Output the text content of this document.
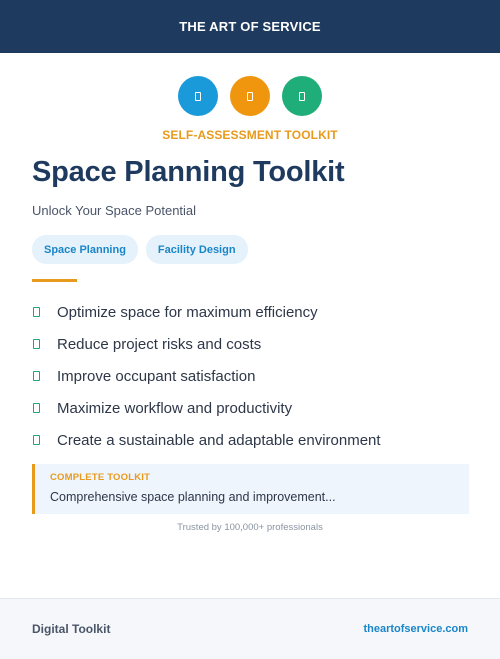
THE ART OF SERVICE
SELF-ASSESSMENT TOOLKIT
Space Planning Toolkit
Unlock Your Space Potential
Space Planning	Facility Design
Optimize space for maximum efficiency
Reduce project risks and costs
Improve occupant satisfaction
Maximize workflow and productivity
Create a sustainable and adaptable environment
COMPLETE TOOLKIT
Comprehensive space planning and improvement...
Trusted by 100,000+ professionals
Digital Toolkit	theartofservice.com
